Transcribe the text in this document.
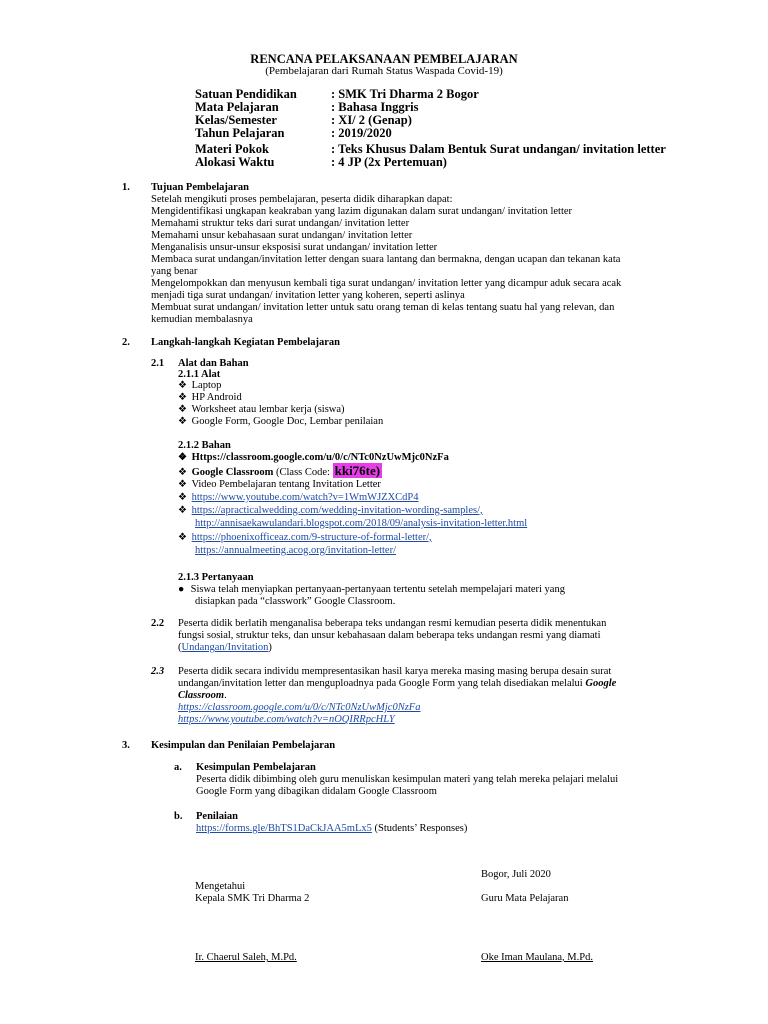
RENCANA PELAKSANAAN PEMBELAJARAN
(Pembelajaran dari Rumah Status Waspada Covid-19)
Satuan Pendidikan	: SMK Tri Dharma 2 Bogor
Mata Pelajaran	: Bahasa Inggris
Kelas/Semester	: XI/ 2 (Genap)
Tahun Pelajaran	: 2019/2020
Materi Pokok	: Teks Khusus Dalam Bentuk Surat undangan/ invitation letter
Alokasi Waktu	: 4 JP (2x Pertemuan)
1. Tujuan Pembelajaran
Setelah mengikuti proses pembelajaran, peserta didik diharapkan dapat:
Mengidentifikasi ungkapan keakraban yang lazim digunakan dalam surat undangan/ invitation letter
Memahami struktur teks dari surat undangan/ invitation letter
Memahami unsur kebahasaan surat undangan/ invitation letter
Menganalisis unsur-unsur eksposisi surat undangan/ invitation letter
Membaca surat undangan/invitation letter dengan suara lantang dan bermakna, dengan ucapan dan tekanan kata
yang benar
Mengelompokkan dan menyusun kembali tiga surat undangan/ invitation letter yang dicampur aduk secara acak
menjadi tiga surat undangan/ invitation letter yang koheren, seperti aslinya
Membuat surat undangan/ invitation letter untuk satu orang teman di kelas tentang suatu hal yang relevan, dan
kemudian membalasnya
2. Langkah-langkah Kegiatan Pembelajaran
2.1 Alat dan Bahan
2.1.1 Alat
❖ Laptop
❖ HP Android
❖ Worksheet atau lembar kerja (siswa)
❖ Google Form, Google Doc, Lembar penilaian
2.1.2 Bahan
❖ Https://classroom.google.com/u/0/c/NTc0NzUwMjc0NzFa
❖ Google Classroom (Class Code: kki76te)
❖ Video Pembelajaran tentang Invitation Letter
❖ https://www.youtube.com/watch?v=1WmWJZXCdP4
❖ https://apracticalwedding.com/wedding-invitation-wording-samples/,
http://annisaekawulandari.blogspot.com/2018/09/analysis-invitation-letter.html
❖ https://phoenixofficeaz.com/9-structure-of-formal-letter/,
https://annualmeeting.acog.org/invitation-letter/
2.1.3 Pertanyaan
● Siswa telah menyiapkan pertanyaan-pertanyaan tertentu setelah mempelajari materi yang
disiapkan pada “classwork” Google Classroom.
2.2 Peserta didik berlatih menganalisa beberapa teks undangan resmi kemudian peserta didik menentukan
fungsi sosial, struktur teks, dan unsur kebahasaan dalam beberapa teks undangan resmi yang diamati
(Undangan/Invitation)
2.3 Peserta didik secara individu mempresentasikan hasil karya mereka masing masing berupa desain surat
undangan/invitation letter dan menguploadnya pada Google Form yang telah disediakan melalui Google
Classroom.
https://classroom.google.com/u/0/c/NTc0NzUwMjc0NzFa
https://www.youtube.com/watch?v=nOQIRRpcHLY
3. Kesimpulan dan Penilaian Pembelajaran
a. Kesimpulan Pembelajaran
Peserta didik dibimbing oleh guru menuliskan kesimpulan materi yang telah mereka pelajari melalui
Google Form yang dibagikan didalam Google Classroom
b. Penilaian
https://forms.gle/BhTS1DaCkJAA5mLx5 (Students’ Responses)
Bogor, Juli 2020
Mengetahui
Kepala SMK Tri Dharma 2	Guru Mata Pelajaran
Ir. Chaerul Saleh, M.Pd.	Oke Iman Maulana, M.Pd.
